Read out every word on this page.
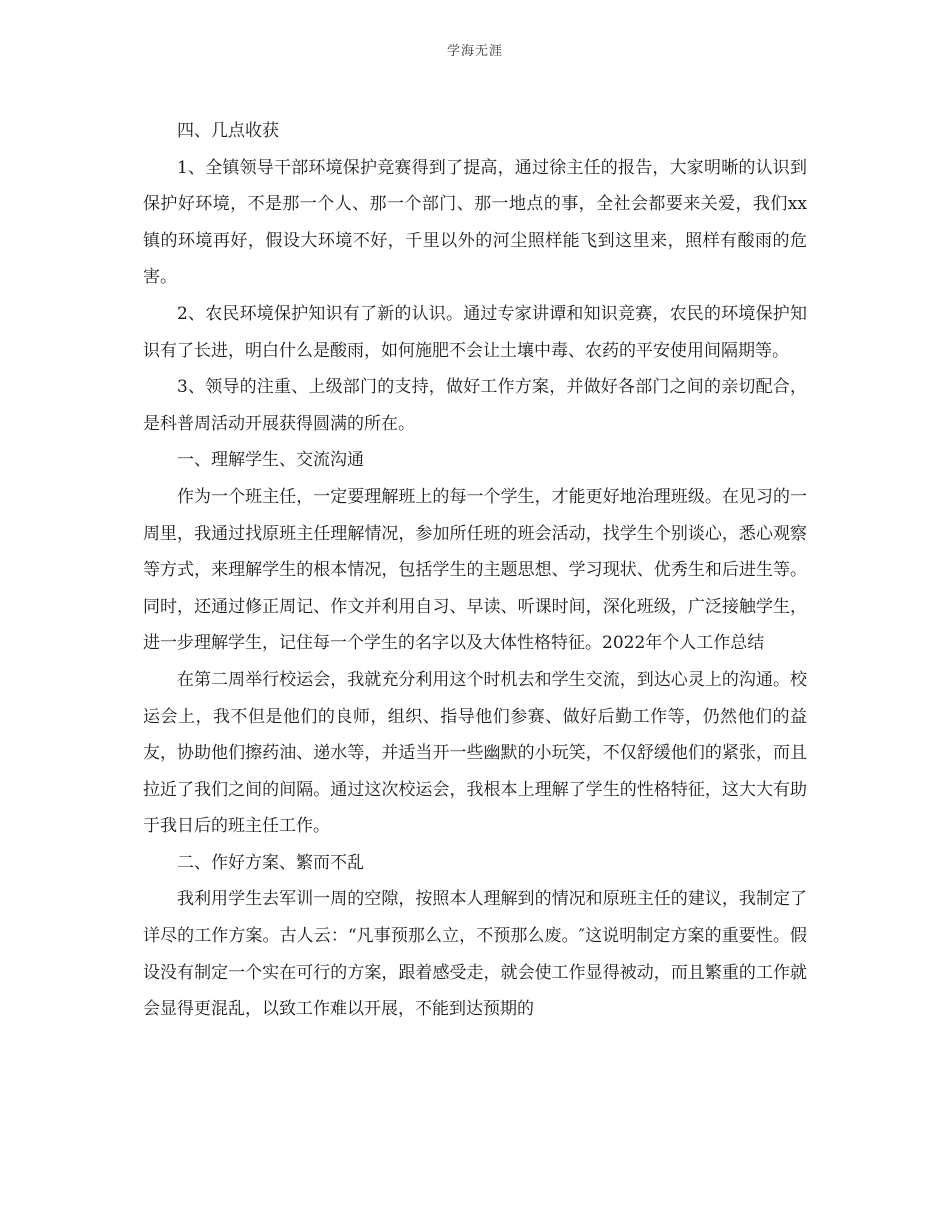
学海无涯

四、几点收获

1、全镇领导干部环境保护竞赛得到了提高，通过徐主任的报告，大家明晰的认识到保护好环境，不是那一个人、那一个部门、那一地点的事，全社会都要来关爱，我们xx镇的环境再好，假设大环境不好，千里以外的河尘照样能飞到这里来，照样有酸雨的危害。

2、农民环境保护知识有了新的认识。通过专家讲谭和知识竞赛，农民的环境保护知识有了长进，明白什么是酸雨，如何施肥不会让土壤中毒、农药的平安使用间隔期等。

3、领导的注重、上级部门的支持，做好工作方案，并做好各部门之间的亲切配合，是科普周活动开展获得圆满的所在。

一、理解学生、交流沟通

作为一个班主任，一定要理解班上的每一个学生，才能更好地治理班级。在见习的一周里，我通过找原班主任理解情况，参加所任班的班会活动，找学生个别谈心，悉心观察等方式，来理解学生的根本情况，包括学生的主题思想、学习现状、优秀生和后进生等。同时，还通过修正周记、作文并利用自习、早读、听课时间，深化班级，广泛接触学生，进一步理解学生，记住每一个学生的名字以及大体性格特征。2022年个人工作总结

在第二周举行校运会，我就充分利用这个时机去和学生交流，到达心灵上的沟通。校运会上，我不但是他们的良师，组织、指导他们参赛、做好后勤工作等，仍然他们的益友，协助他们擦药油、递水等，并适当开一些幽默的小玩笑，不仅舒缓他们的紧张，而且拉近了我们之间的间隔。通过这次校运会，我根本上理解了学生的性格特征，这大大有助于我日后的班主任工作。

二、作好方案、繁而不乱

我利用学生去军训一周的空隙，按照本人理解到的情况和原班主任的建议，我制定了详尽的工作方案。古人云：“凡事预那么立，不预那么废。″这说明制定方案的重要性。假设没有制定一个实在可行的方案，跟着感受走，就会使工作显得被动，而且繁重的工作就会显得更混乱，以致工作难以开展，不能到达预期的
